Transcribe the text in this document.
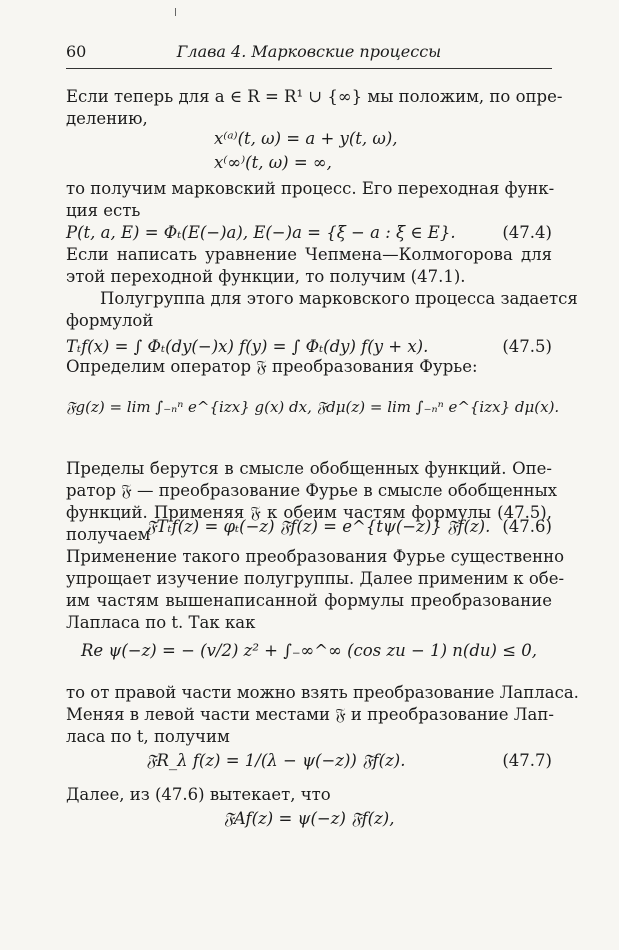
60	Глава 4. Марковские процессы
Если теперь для a ∈ R = R¹ ∪ {∞} мы положим, по опре-
делению,
x⁽ᵃ⁾(t, ω) = a + y(t, ω),
x⁽∞⁾(t, ω) = ∞,
то получим марковский процесс. Его переходная функ-
ция есть
P(t, a, E) = Φₜ(E(−)a), E(−)a = {ξ − a : ξ ∈ E}.	(47.4)
Если написать уравнение Чепмена—Колмогорова для
этой переходной функции, то получим (47.1).
Полугруппа для этого марковского процесса задается
формулой
Tₜf(x) = ∫ Φₜ(dy(−)x) f(y) = ∫ Φₜ(dy) f(y + x).	(47.5)
Определим оператор 𝔉 преобразования Фурье:
𝔉g(z) = lim ∫₋ₙⁿ e^{izx} g(x) dx, 𝔉dμ(z) = lim ∫₋ₙⁿ e^{izx} dμ(x).
Пределы берутся в смысле обобщенных функций. Опе-
ратор 𝔉 — преобразование Фурье в смысле обобщенных
функций. Применяя 𝔉 к обеим частям формулы (47.5),
получаем
𝔉Tₜf(z) = φₜ(−z) 𝔉f(z) = e^{tψ(−z)} 𝔉f(z). (47.6)
Применение такого преобразования Фурье существенно
упрощает изучение полугруппы. Далее применим к обе-
им частям вышенаписанной формулы преобразование
Лапласа по t. Так как
Re ψ(−z) = − (v/2) z² + ∫₋∞^∞ (cos zu − 1) n(du) ≤ 0,
то от правой части можно взять преобразование Лапласа.
Меняя в левой части местами 𝔉 и преобразование Лап-
ласа по t, получим
𝔉R_λ f(z) = 1/(λ − ψ(−z)) 𝔉f(z).	(47.7)
Далее, из (47.6) вытекает, что
𝔉Af(z) = ψ(−z) 𝔉f(z),
